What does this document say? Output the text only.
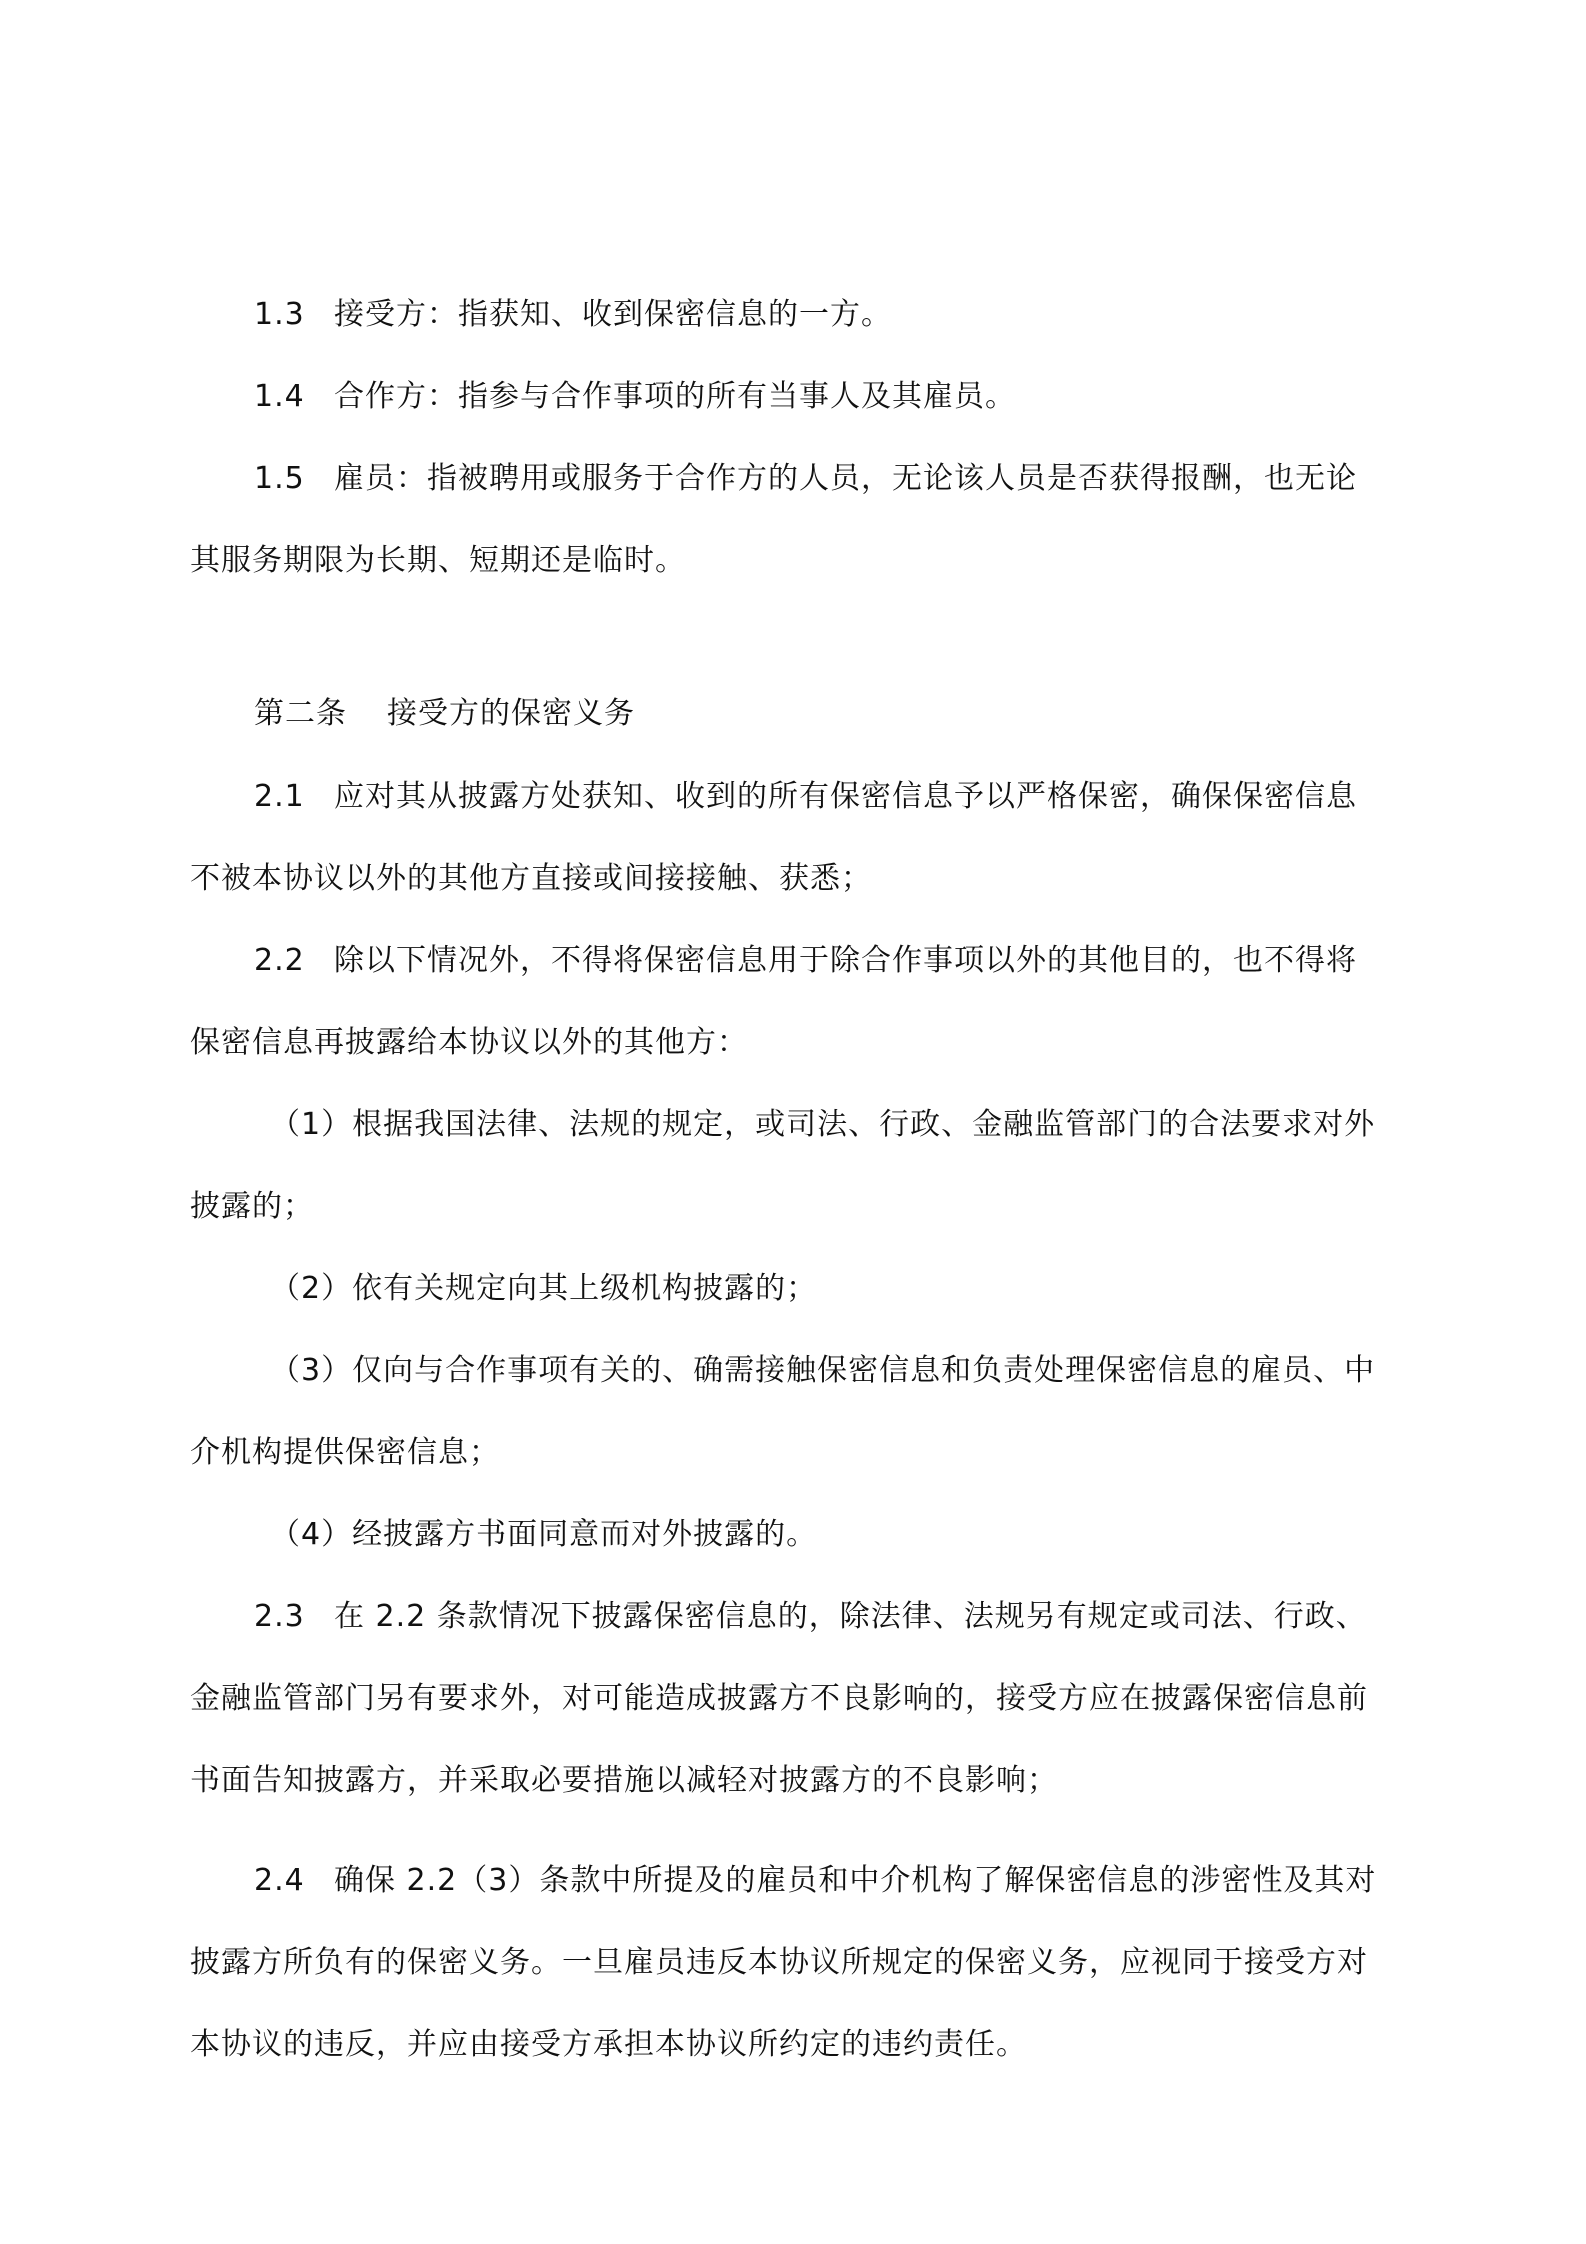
1.3 接受方：指获知、收到保密信息的一方。
1.4 合作方：指参与合作事项的所有当事人及其雇员。
1.5 雇员：指被聘用或服务于合作方的人员，无论该人员是否获得报酬，也无论
其服务期限为长期、短期还是临时。
第二条 接受方的保密义务
2.1 应对其从披露方处获知、收到的所有保密信息予以严格保密，确保保密信息
不被本协议以外的其他方直接或间接接触、获悉；
2.2 除以下情况外，不得将保密信息用于除合作事项以外的其他目的，也不得将
保密信息再披露给本协议以外的其他方：
（1）根据我国法律、法规的规定，或司法、行政、金融监管部门的合法要求对外
披露的；
（2）依有关规定向其上级机构披露的；
（3）仅向与合作事项有关的、确需接触保密信息和负责处理保密信息的雇员、中
介机构提供保密信息；
（4）经披露方书面同意而对外披露的。
2.3 在 2.2 条款情况下披露保密信息的，除法律、法规另有规定或司法、行政、
金融监管部门另有要求外，对可能造成披露方不良影响的，接受方应在披露保密信息前
书面告知披露方，并采取必要措施以减轻对披露方的不良影响；
2.4 确保 2.2（3）条款中所提及的雇员和中介机构了解保密信息的涉密性及其对
披露方所负有的保密义务。一旦雇员违反本协议所规定的保密义务，应视同于接受方对
本协议的违反，并应由接受方承担本协议所约定的违约责任。
